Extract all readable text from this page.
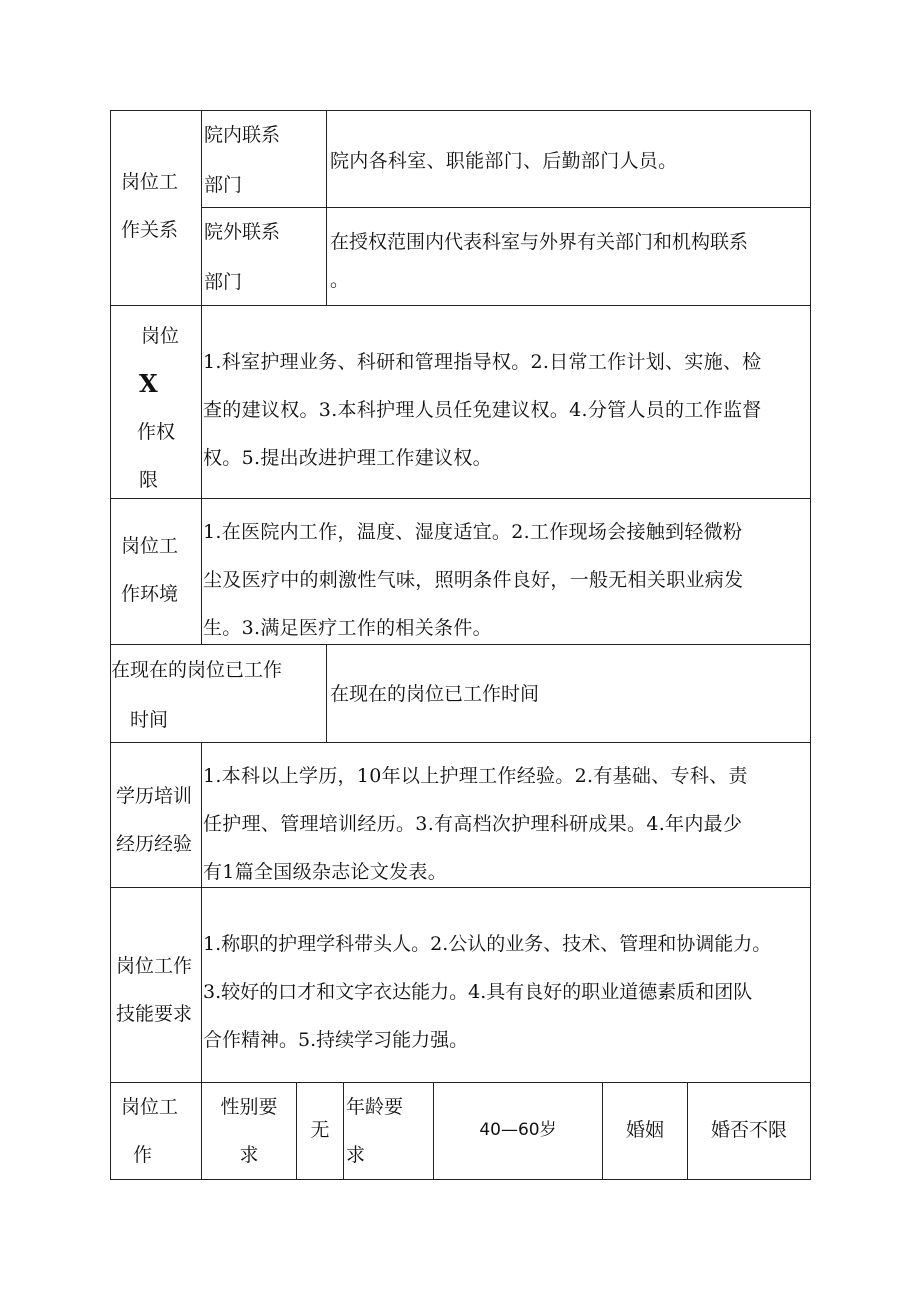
岗位工
作关系
院内联系
部门
院内各科室、职能部门、后勤部门人员。
院外联系
部门
在授权范围内代表科室与外界有关部门和机构联系
。
岗位
X
作权
限
1.科室护理业务、科研和管理指导权。2.日常工作计划、实施、检
查的建议权。3.本科护理人员任免建议权。4.分管人员的工作监督
权。5.提出改进护理工作建议权。
岗位工
作环境
1.在医院内工作，温度、湿度适宜。2.工作现场会接触到轻微粉
尘及医疗中的刺激性气味，照明条件良好，一般无相关职业病发
生。3.满足医疗工作的相关条件。
在现在的岗位已工作
时间
在现在的岗位已工作时间
学历培训
经历经验
1.本科以上学历，10年以上护理工作经验。2.有基础、专科、责
任护理、管理培训经历。3.有高档次护理科研成果。4.年内最少
有1篇全国级杂志论文发表。
岗位工作
技能要求
1.称职的护理学科带头人。2.公认的业务、技术、管理和协调能力。
3.较好的口才和文字衣达能力。4.具有良好的职业道德素质和团队
合作精神。5.持续学习能力强。
岗位工
作
性别要
求
无
年龄要
求
40—60岁	婚姻	婚否不限
